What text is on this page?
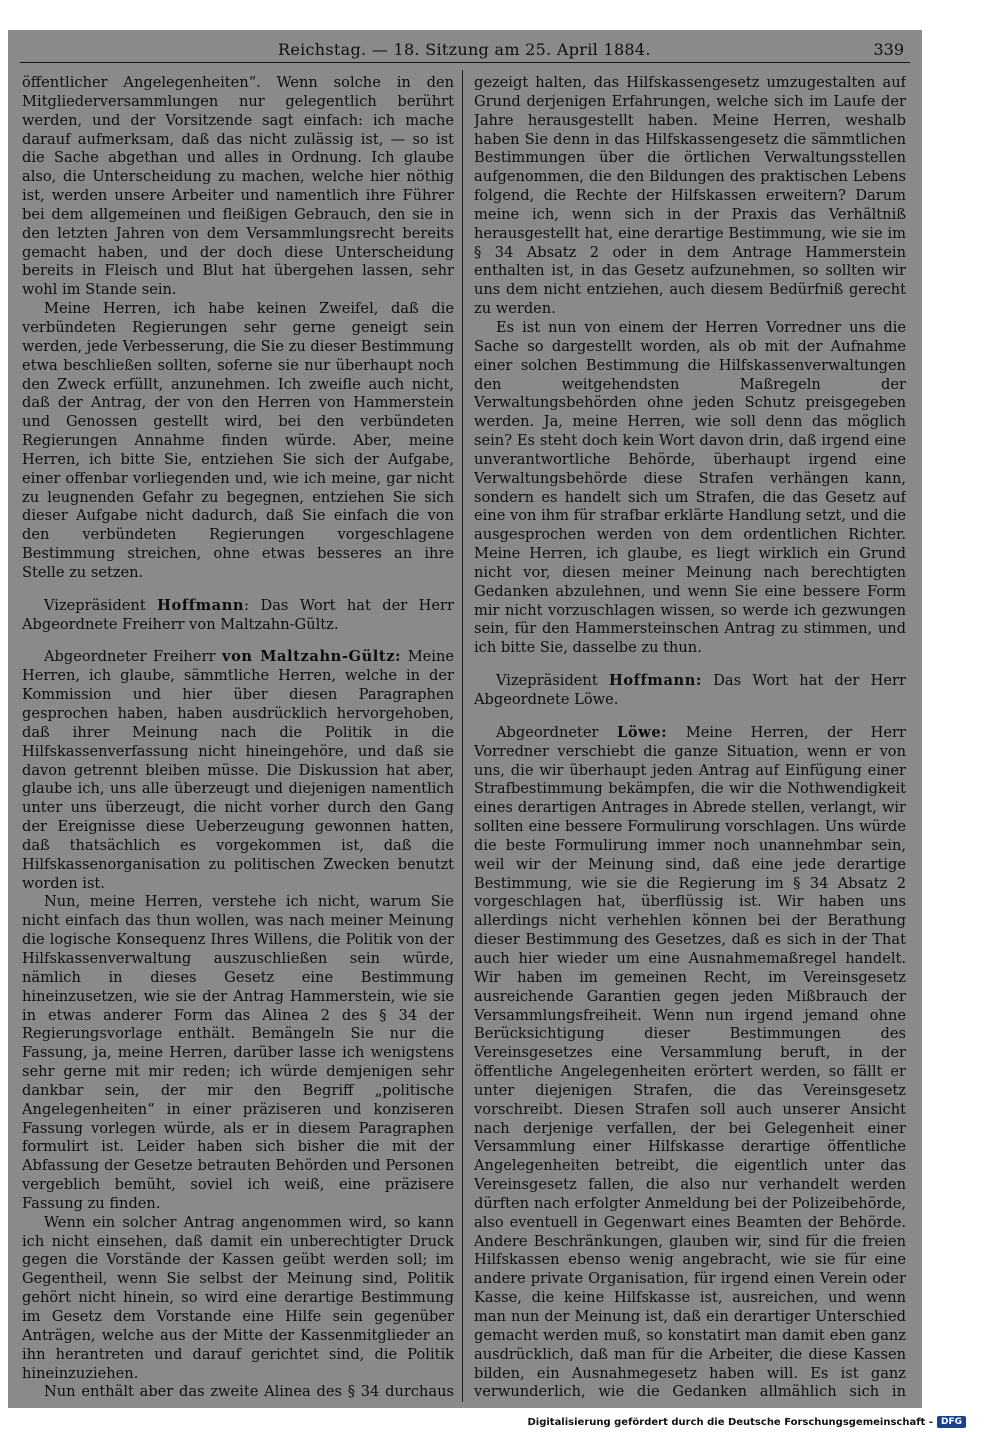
Reichstag. — 18. Sitzung am 25. April 1884.	339

öffentlicher Angelegenheiten“. Wenn solche in den Mitgliederversammlungen nur gelegentlich berührt werden, und der Vorsitzende sagt einfach: ich mache darauf aufmerksam, daß das nicht zulässig ist, — so ist die Sache abgethan und alles in Ordnung. Ich glaube also, die Unterscheidung zu machen, welche hier nöthig ist, werden unsere Arbeiter und namentlich ihre Führer bei dem allgemeinen und fleißigen Gebrauch, den sie in den letzten Jahren von dem Versammlungsrecht bereits gemacht haben, und der doch diese Unterscheidung bereits in Fleisch und Blut hat übergehen lassen, sehr wohl im Stande sein.

Meine Herren, ich habe keinen Zweifel, daß die verbündeten Regierungen sehr gerne geneigt sein werden, jede Verbesserung, die Sie zu dieser Bestimmung etwa beschließen sollten, soferne sie nur überhaupt noch den Zweck erfüllt, anzunehmen. Ich zweifle auch nicht, daß der Antrag, der von den Herren von Hammerstein und Genossen gestellt wird, bei den verbündeten Regierungen Annahme finden würde. Aber, meine Herren, ich bitte Sie, entziehen Sie sich der Aufgabe, einer offenbar vorliegenden und, wie ich meine, gar nicht zu leugnenden Gefahr zu begegnen, entziehen Sie sich dieser Aufgabe nicht dadurch, daß Sie einfach die von den verbündeten Regierungen vorgeschlagene Bestimmung streichen, ohne etwas besseres an ihre Stelle zu setzen.

Vizepräsident Hoffmann: Das Wort hat der Herr Abgeordnete Freiherr von Maltzahn-Gültz.

Abgeordneter Freiherr von Maltzahn-Gültz: Meine Herren, ich glaube, sämmtliche Herren, welche in der Kommission und hier über diesen Paragraphen gesprochen haben, haben ausdrücklich hervorgehoben, daß ihrer Meinung nach die Politik in die Hilfskassenverfassung nicht hineingehöre, und daß sie davon getrennt bleiben müsse. Die Diskussion hat aber, glaube ich, uns alle überzeugt und diejenigen namentlich unter uns überzeugt, die nicht vorher durch den Gang der Ereignisse diese Ueberzeugung gewonnen hatten, daß thatsächlich es vorgekommen ist, daß die Hilfskassenorganisation zu politischen Zwecken benutzt worden ist.

Nun, meine Herren, verstehe ich nicht, warum Sie nicht einfach das thun wollen, was nach meiner Meinung die logische Konsequenz Ihres Willens, die Politik von der Hilfskassenverwaltung auszuschließen sein würde, nämlich in dieses Gesetz eine Bestimmung hineinzusetzen, wie sie der Antrag Hammerstein, wie sie in etwas anderer Form das Alinea 2 des § 34 der Regierungsvorlage enthält. Bemängeln Sie nur die Fassung, ja, meine Herren, darüber lasse ich wenigstens sehr gerne mit mir reden; ich würde demjenigen sehr dankbar sein, der mir den Begriff „politische Angelegenheiten“ in einer präziseren und konziseren Fassung vorlegen würde, als er in diesem Paragraphen formulirt ist. Leider haben sich bisher die mit der Abfassung der Gesetze betrauten Behörden und Personen vergeblich bemüht, soviel ich weiß, eine präzisere Fassung zu finden.

Wenn ein solcher Antrag angenommen wird, so kann ich nicht einsehen, daß damit ein unberechtigter Druck gegen die Vorstände der Kassen geübt werden soll; im Gegentheil, wenn Sie selbst der Meinung sind, Politik gehört nicht hinein, so wird eine derartige Bestimmung im Gesetz dem Vorstande eine Hilfe sein gegenüber Anträgen, welche aus der Mitte der Kassenmitglieder an ihn herantreten und darauf gerichtet sind, die Politik hineinzuziehen.

Nun enthält aber das zweite Alinea des § 34 durchaus

gezeigt halten, das Hilfskassengesetz umzugestalten auf Grund derjenigen Erfahrungen, welche sich im Laufe der Jahre herausgestellt haben. Meine Herren, weshalb haben Sie denn in das Hilfskassengesetz die sämmtlichen Bestimmungen über die örtlichen Verwaltungsstellen aufgenommen, die den Bildungen des praktischen Lebens folgend, die Rechte der Hilfskassen erweitern? Darum meine ich, wenn sich in der Praxis das Verhältniß herausgestellt hat, eine derartige Bestimmung, wie sie im § 34 Absatz 2 oder in dem Antrage Hammerstein enthalten ist, in das Gesetz aufzunehmen, so sollten wir uns dem nicht entziehen, auch diesem Bedürfniß gerecht zu werden.

Es ist nun von einem der Herren Vorredner uns die Sache so dargestellt worden, als ob mit der Aufnahme einer solchen Bestimmung die Hilfskassenverwaltungen den weitgehendsten Maßregeln der Verwaltungsbehörden ohne jeden Schutz preisgegeben werden. Ja, meine Herren, wie soll denn das möglich sein? Es steht doch kein Wort davon drin, daß irgend eine unverantwortliche Behörde, überhaupt irgend eine Verwaltungsbehörde diese Strafen verhängen kann, sondern es handelt sich um Strafen, die das Gesetz auf eine von ihm für strafbar erklärte Handlung setzt, und die ausgesprochen werden von dem ordentlichen Richter. Meine Herren, ich glaube, es liegt wirklich ein Grund nicht vor, diesen meiner Meinung nach berechtigten Gedanken abzulehnen, und wenn Sie eine bessere Form mir nicht vorzuschlagen wissen, so werde ich gezwungen sein, für den Hammersteinschen Antrag zu stimmen, und ich bitte Sie, dasselbe zu thun.

Vizepräsident Hoffmann: Das Wort hat der Herr Abgeordnete Löwe.

Abgeordneter Löwe: Meine Herren, der Herr Vorredner verschiebt die ganze Situation, wenn er von uns, die wir überhaupt jeden Antrag auf Einfügung einer Strafbestimmung bekämpfen, die wir die Nothwendigkeit eines derartigen Antrages in Abrede stellen, verlangt, wir sollten eine bessere Formulirung vorschlagen. Uns würde die beste Formulirung immer noch unannehmbar sein, weil wir der Meinung sind, daß eine jede derartige Bestimmung, wie sie die Regierung im § 34 Absatz 2 vorgeschlagen hat, überflüssig ist. Wir haben uns allerdings nicht verhehlen können bei der Berathung dieser Bestimmung des Gesetzes, daß es sich in der That auch hier wieder um eine Ausnahmemaßregel handelt. Wir haben im gemeinen Recht, im Vereinsgesetz ausreichende Garantien gegen jeden Mißbrauch der Versammlungsfreiheit. Wenn nun irgend jemand ohne Berücksichtigung dieser Bestimmungen des Vereinsgesetzes eine Versammlung beruft, in der öffentliche Angelegenheiten erörtert werden, so fällt er unter diejenigen Strafen, die das Vereinsgesetz vorschreibt. Diesen Strafen soll auch unserer Ansicht nach derjenige verfallen, der bei Gelegenheit einer Versammlung einer Hilfskasse derartige öffentliche Angelegenheiten betreibt, die eigentlich unter das Vereinsgesetz fallen, die also nur verhandelt werden dürften nach erfolgter Anmeldung bei der Polizeibehörde, also eventuell in Gegenwart eines Beamten der Behörde. Andere Beschränkungen, glauben wir, sind für die freien Hilfskassen ebenso wenig angebracht, wie sie für eine andere private Organisation, für irgend einen Verein oder Kasse, die keine Hilfskasse ist, ausreichen, und wenn man nun der Meinung ist, daß ein derartiger Unterschied gemacht werden muß, so konstatirt man damit eben ganz ausdrücklich, daß man für die Arbeiter, die diese Kassen bilden, ein Ausnahmegesetz haben will. Es ist ganz verwunderlich, wie die Gedanken allmählich sich in

Digitalisierung gefördert durch die Deutsche Forschungsgemeinschaft - DFG
